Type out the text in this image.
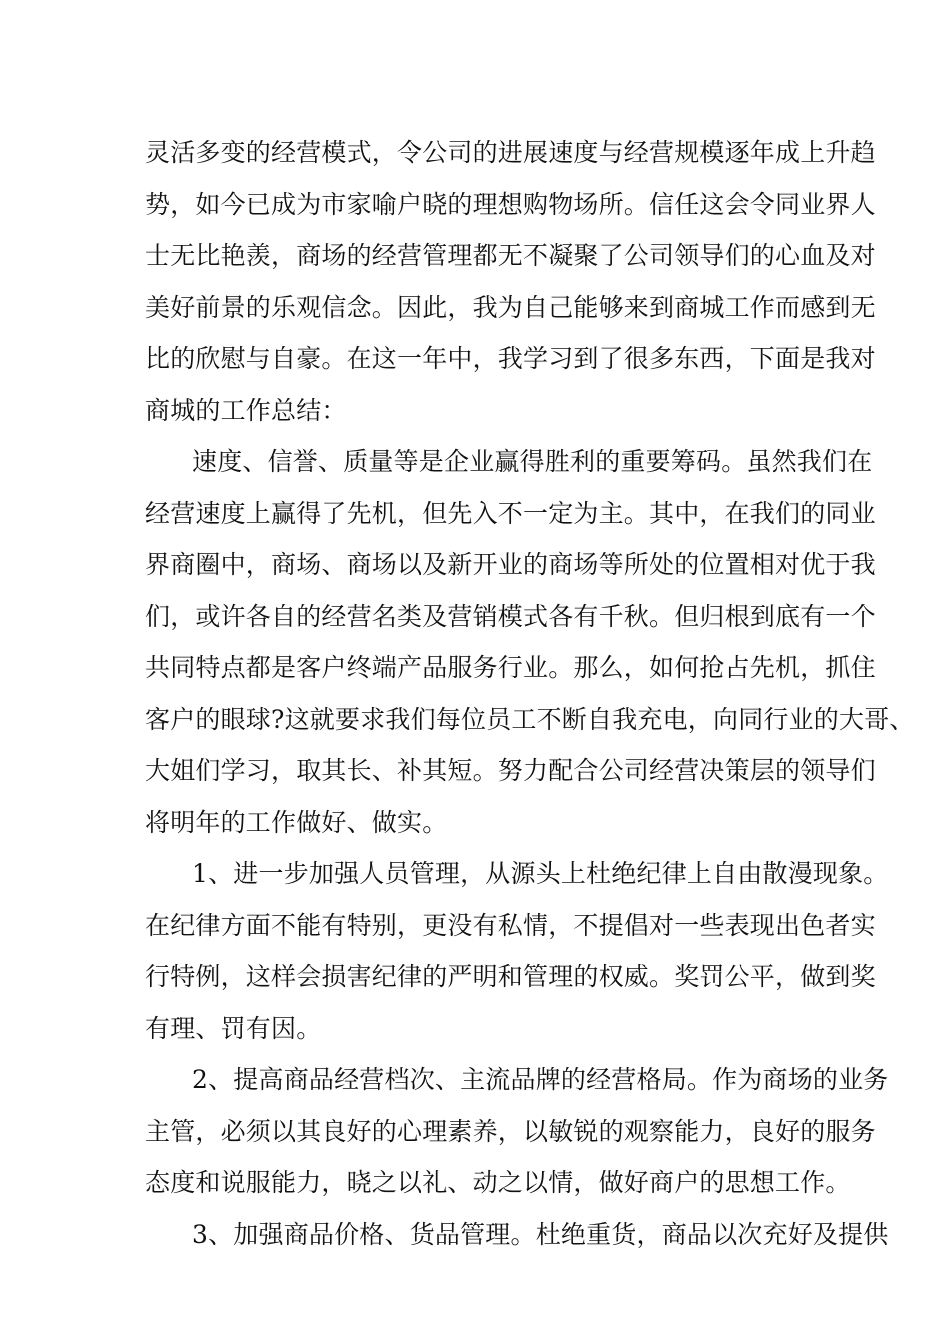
灵活多变的经营模式，令公司的进展速度与经营规模逐年成上升趋
势，如今已成为市家喻户晓的理想购物场所。信任这会令同业界人
士无比艳羡，商场的经营管理都无不凝聚了公司领导们的心血及对
美好前景的乐观信念。因此，我为自己能够来到商城工作而感到无
比的欣慰与自豪。在这一年中，我学习到了很多东西，下面是我对
商城的工作总结：
速度、信誉、质量等是企业赢得胜利的重要筹码。虽然我们在
经营速度上赢得了先机，但先入不一定为主。其中，在我们的同业
界商圈中，商场、商场以及新开业的商场等所处的位置相对优于我
们，或许各自的经营名类及营销模式各有千秋。但归根到底有一个
共同特点都是客户终端产品服务行业。那么，如何抢占先机，抓住
客户的眼球?这就要求我们每位员工不断自我充电，向同行业的大哥、
大姐们学习，取其长、补其短。努力配合公司经营决策层的领导们
将明年的工作做好、做实。
1、进一步加强人员管理，从源头上杜绝纪律上自由散漫现象。
在纪律方面不能有特别，更没有私情，不提倡对一些表现出色者实
行特例，这样会损害纪律的严明和管理的权威。奖罚公平，做到奖
有理、罚有因。
2、提高商品经营档次、主流品牌的经营格局。作为商场的业务
主管，必须以其良好的心理素养，以敏锐的观察能力，良好的服务
态度和说服能力，晓之以礼、动之以情，做好商户的思想工作。
3、加强商品价格、货品管理。杜绝重货，商品以次充好及提供
